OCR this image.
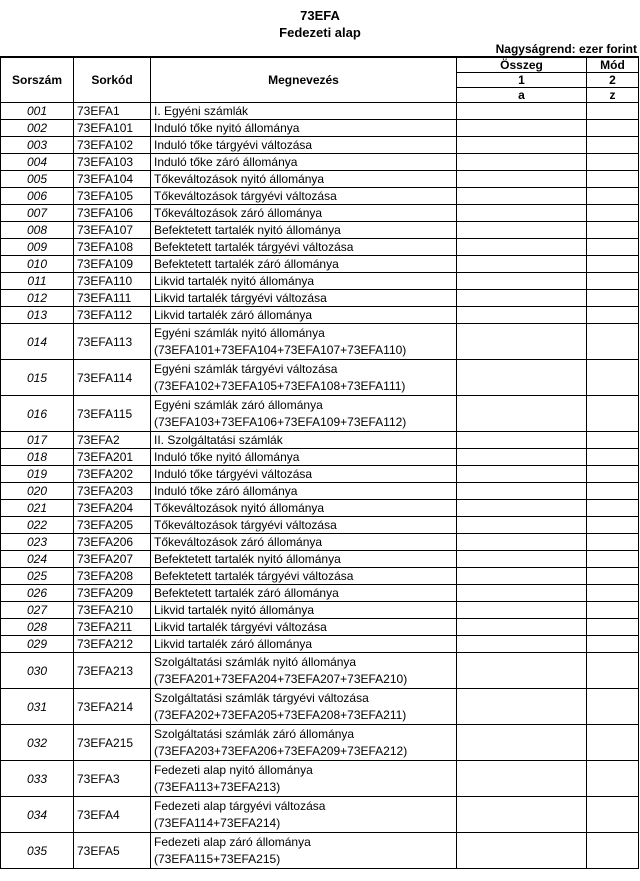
73EFA
Fedezeti alap
Nagyságrend: ezer forint
Sorszám	Sorkód	Megnevezés	Összeg	Mód
			1	2
			a	z
001	73EFA1	I. Egyéni számlák		

002	73EFA101	Induló tőke nyitó állománya		

003	73EFA102	Induló tőke tárgyévi változása		

004	73EFA103	Induló tőke záró állománya		

005	73EFA104	Tőkeváltozások nyitó állománya		

006	73EFA105	Tőkeváltozások tárgyévi változása		

007	73EFA106	Tőkeváltozások záró állománya		

008	73EFA107	Befektetett tartalék nyitó állománya		

009	73EFA108	Befektetett tartalék tárgyévi változása		

010	73EFA109	Befektetett tartalék záró állománya		

011	73EFA110	Likvid tartalék nyitó állománya		

012	73EFA111	Likvid tartalék tárgyévi változása		

013	73EFA112	Likvid tartalék záró állománya		

014	73EFA113	Egyéni számlák nyitó állománya
(73EFA101+73EFA104+73EFA107+73EFA110)		

015	73EFA114	Egyéni számlák tárgyévi változása
(73EFA102+73EFA105+73EFA108+73EFA111)		

016	73EFA115	Egyéni számlák záró állománya
(73EFA103+73EFA106+73EFA109+73EFA112)		

017	73EFA2	II. Szolgáltatási számlák		

018	73EFA201	Induló tőke nyitó állománya		

019	73EFA202	Induló tőke tárgyévi változása		

020	73EFA203	Induló tőke záró állománya		

021	73EFA204	Tőkeváltozások nyitó állománya		

022	73EFA205	Tőkeváltozások tárgyévi változása		

023	73EFA206	Tőkeváltozások záró állománya		

024	73EFA207	Befektetett tartalék nyitó állománya		

025	73EFA208	Befektetett tartalék tárgyévi változása		

026	73EFA209	Befektetett tartalék záró állománya		

027	73EFA210	Likvid tartalék nyitó állománya		

028	73EFA211	Likvid tartalék tárgyévi változása		

029	73EFA212	Likvid tartalék záró állománya		

030	73EFA213	Szolgáltatási számlák nyitó állománya
(73EFA201+73EFA204+73EFA207+73EFA210)		

031	73EFA214	Szolgáltatási számlák tárgyévi változása
(73EFA202+73EFA205+73EFA208+73EFA211)		

032	73EFA215	Szolgáltatási számlák záró állománya
(73EFA203+73EFA206+73EFA209+73EFA212)		

033	73EFA3	Fedezeti alap nyitó állománya
(73EFA113+73EFA213)		

034	73EFA4	Fedezeti alap tárgyévi változása
(73EFA114+73EFA214)		

035	73EFA5	Fedezeti alap záró állománya
(73EFA115+73EFA215)		
